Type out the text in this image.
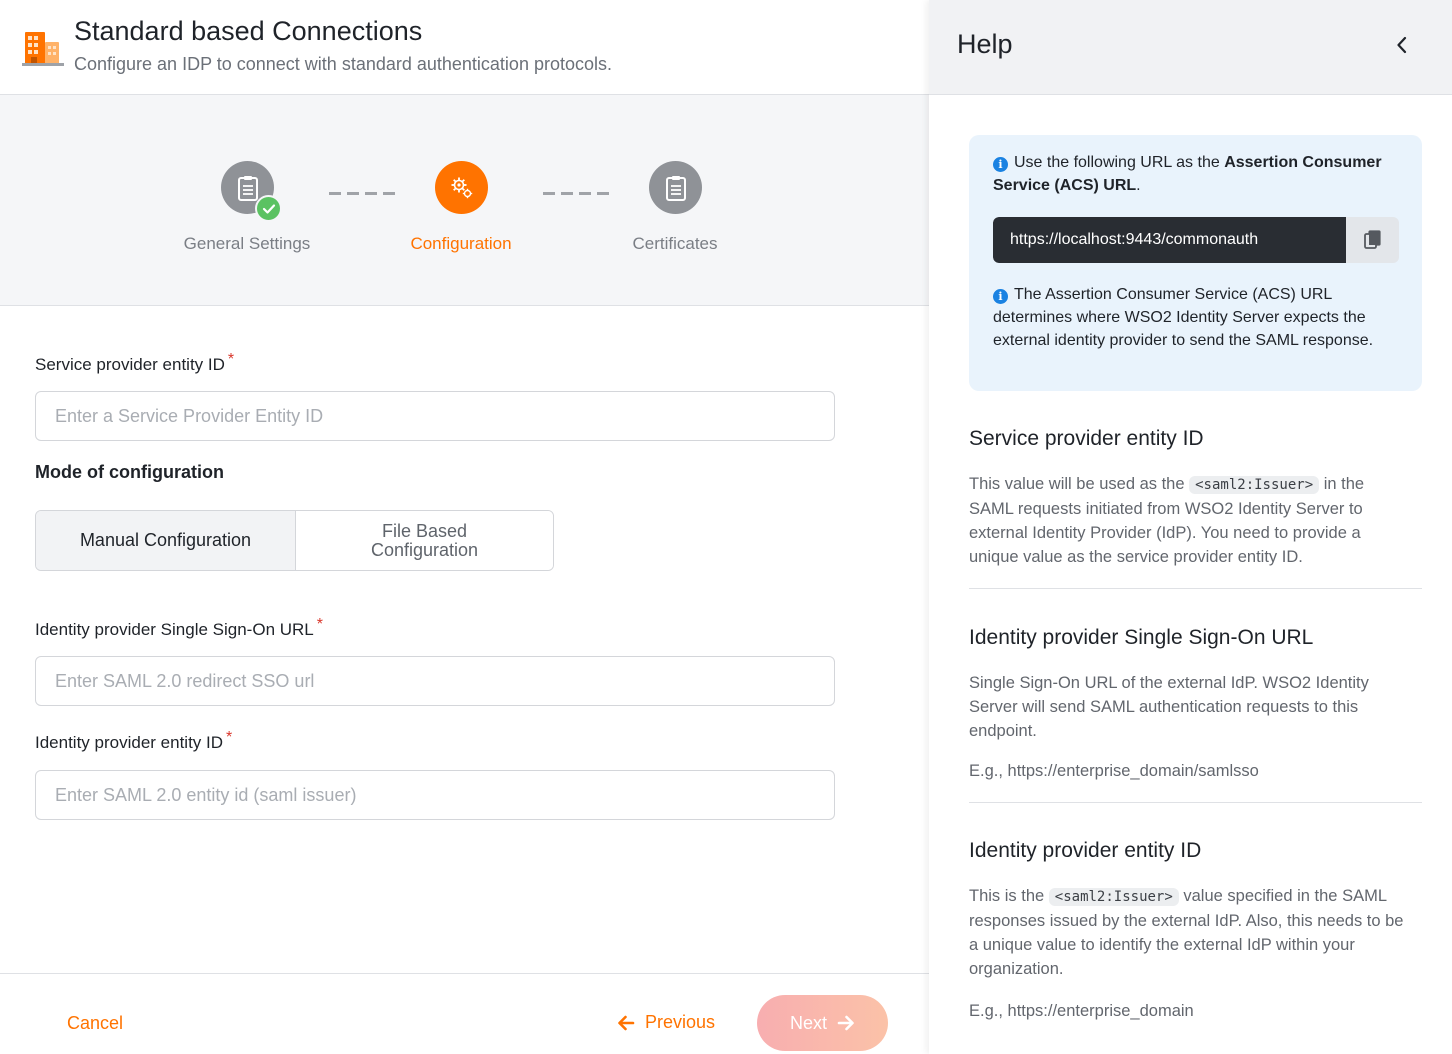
Standard based Connections
Configure an IDP to connect with standard authentication protocols.
General Settings	Configuration	Certificates
Service provider entity ID *
Enter a Service Provider Entity ID
Mode of configuration
Manual Configuration	File Based Configuration
Identity provider Single Sign-On URL *
Enter SAML 2.0 redirect SSO url
Identity provider entity ID *
Enter SAML 2.0 entity id (saml issuer)
Cancel	Previous	Next
Help
i Use the following URL as the Assertion Consumer Service (ACS) URL.
https://localhost:9443/commonauth
i The Assertion Consumer Service (ACS) URL determines where WSO2 Identity Server expects the external identity provider to send the SAML response.
Service provider entity ID
This value will be used as the <saml2:Issuer> in the SAML requests initiated from WSO2 Identity Server to external Identity Provider (IdP). You need to provide a unique value as the service provider entity ID.
Identity provider Single Sign-On URL
Single Sign-On URL of the external IdP. WSO2 Identity Server will send SAML authentication requests to this endpoint.
E.g., https://enterprise_domain/samlsso
Identity provider entity ID
This is the <saml2:Issuer> value specified in the SAML responses issued by the external IdP. Also, this needs to be a unique value to identify the external IdP within your organization.
E.g., https://enterprise_domain
